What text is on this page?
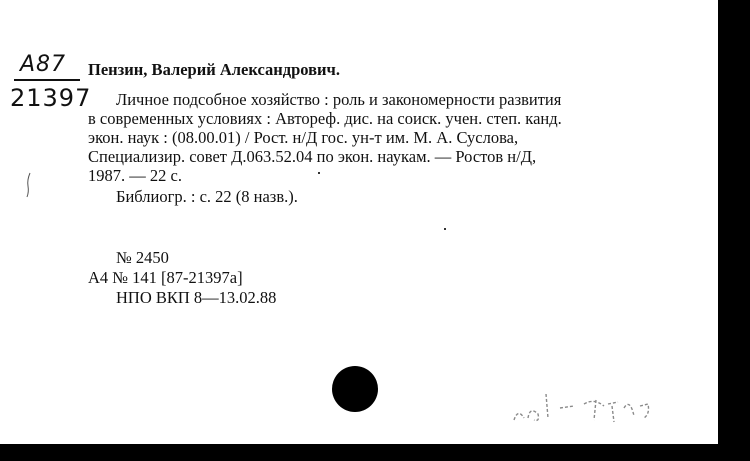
А87
21397
Пензин, Валерий Александрович.
Личное подсобное хозяйство : роль и закономерности развития
в современных условиях : Автореф. дис. на соиск. учен. степ. канд.
экон. наук : (08.00.01) / Рост. н/Д гос. ун-т им. М. А. Суслова,
Специализир. совет Д.063.52.04 по экон. наукам. — Ростов н/Д,
1987. — 22 с.
Библиогр. : с. 22 (8 назв.).
№ 2450
А4 № 141 [87-21397а]
НПО ВКП 8—13.02.88
